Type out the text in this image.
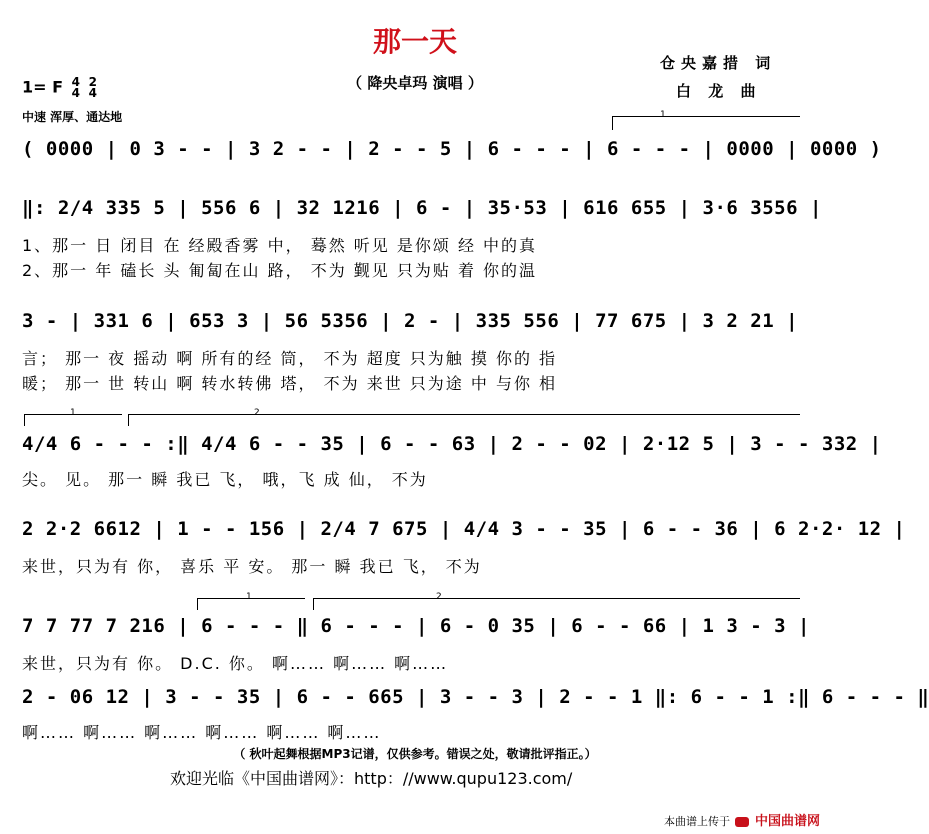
那一天
（ 降央卓玛 演唱 ）
仓央嘉措 词
白 龙 曲
1= F 4
4 2
4
中速 浑厚、通达地	1
( 0000 | 0 3 - - | 3 2 - - | 2 - - 5 | 6 - - - | 6 - - - | 0000 | 0000 )
‖: 2/4 335 5 | 556 6 | 32 1216 | 6 - | 35·53 | 616 655 | 3·6 3556 |
1、那一 日 闭目 在 经殿香雾 中， 蓦然 听见 是你颂 经 中的真
2、那一 年 磕长 头 匍匐在山 路， 不为 觐见 只为贴 着 你的温
3 - | 331 6 | 653 3 | 56 5356 | 2 - | 335 556 | 77 675 | 3 2 21 |
言； 那一 夜 摇动 啊 所有的经 筒， 不为 超度 只为触 摸 你的 指
暖； 那一 世 转山 啊 转水转佛 塔， 不为 来世 只为途 中 与你 相
1	2
4/4 6 - - - :‖ 4/4 6 - - 35 | 6 - - 63 | 2 - - 02 | 2·12 5 | 3 - - 332 |
尖。 见。 那一 瞬 我已 飞， 哦，飞 成 仙， 不为
2 2·2 6612 | 1 - - 156 | 2/4 7 675 | 4/4 3 - - 35 | 6 - - 36 | 6 2·2· 12 |
来世，只为有 你， 喜乐 平 安。 那一 瞬 我已 飞， 不为
1	2
7 7 77 7 216 | 6 - - - ‖ 6 - - - | 6 - 0 35 | 6 - - 66 | 1 3 - 3 |
来世，只为有 你。 D.C. 你。 啊…… 啊…… 啊……
2 - 06 12 | 3 - - 35 | 6 - - 665 | 3 - - 3 | 2 - - 1 ‖: 6 - - 1 :‖ 6 - - - ‖
啊…… 啊…… 啊…… 啊…… 啊…… 啊……
（ 秋叶起舞根据MP3记谱，仅供参考。错误之处，敬请批评指正。）
欢迎光临《中国曲谱网》：http：//www.qupu123.com/
本曲谱上传于 中国曲谱网
